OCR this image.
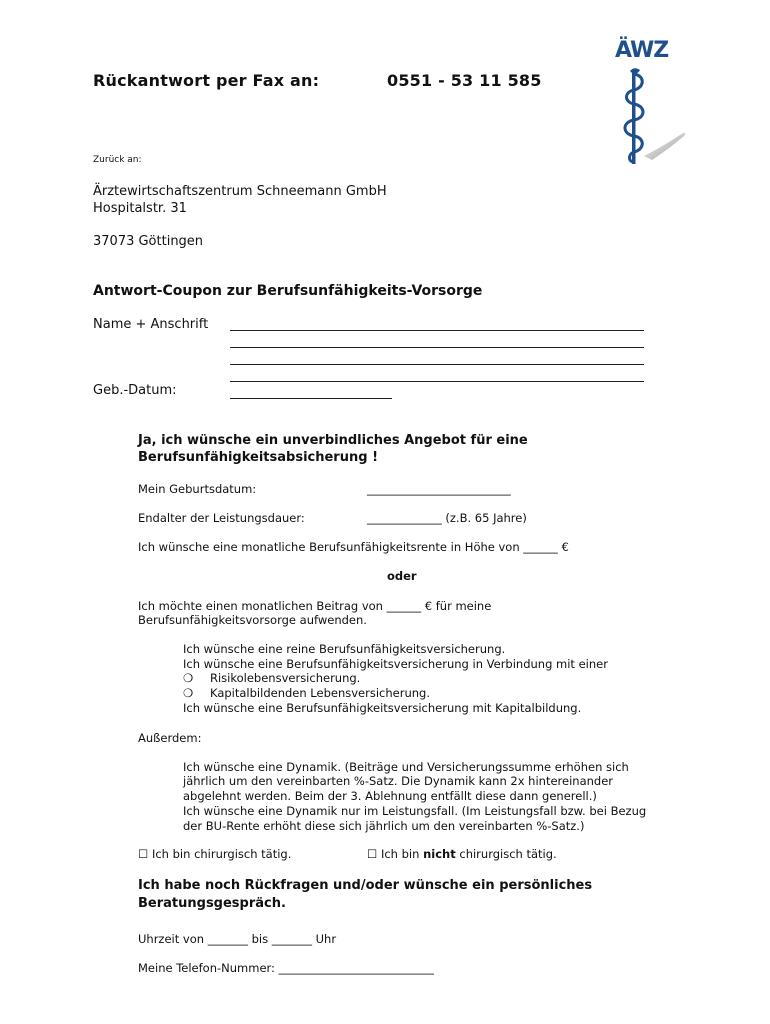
Rückantwort per Fax an:	0551 - 53 11 585
ÄWZ
Zurück an:
Ärztewirtschaftszentrum Schneemann GmbH
Hospitalstr. 31
37073 Göttingen
Antwort-Coupon zur Berufsunfähigkeits-Vorsorge
Name + Anschrift
Geb.-Datum:
Ja, ich wünsche ein unverbindliches Angebot für eine
Berufsunfähigkeitsabsicherung !
Mein Geburtsdatum:	_________________________
Endalter der Leistungsdauer:	_____________ (z.B. 65 Jahre)
Ich wünsche eine monatliche Berufsunfähigkeitsrente in Höhe von ______ €
oder
Ich möchte einen monatlichen Beitrag von ______ € für meine
Berufsunfähigkeitsvorsorge aufwenden.
Ich wünsche eine reine Berufsunfähigkeitsversicherung.
Ich wünsche eine Berufsunfähigkeitsversicherung in Verbindung mit einer
❍ Risikolebensversicherung.
❍ Kapitalbildenden Lebensversicherung.
Ich wünsche eine Berufsunfähigkeitsversicherung mit Kapitalbildung.
Außerdem:
Ich wünsche eine Dynamik. (Beiträge und Versicherungssumme erhöhen sich
jährlich um den vereinbarten %-Satz. Die Dynamik kann 2x hintereinander
abgelehnt werden. Beim der 3. Ablehnung entfällt diese dann generell.)
Ich wünsche eine Dynamik nur im Leistungsfall. (Im Leistungsfall bzw. bei Bezug
der BU-Rente erhöht diese sich jährlich um den vereinbarten %-Satz.)
☐ Ich bin chirurgisch tätig.	☐ Ich bin nicht chirurgisch tätig.
Ich habe noch Rückfragen und/oder wünsche ein persönliches
Beratungsgespräch.
Uhrzeit von _______ bis _______ Uhr
Meine Telefon-Nummer: ___________________________
